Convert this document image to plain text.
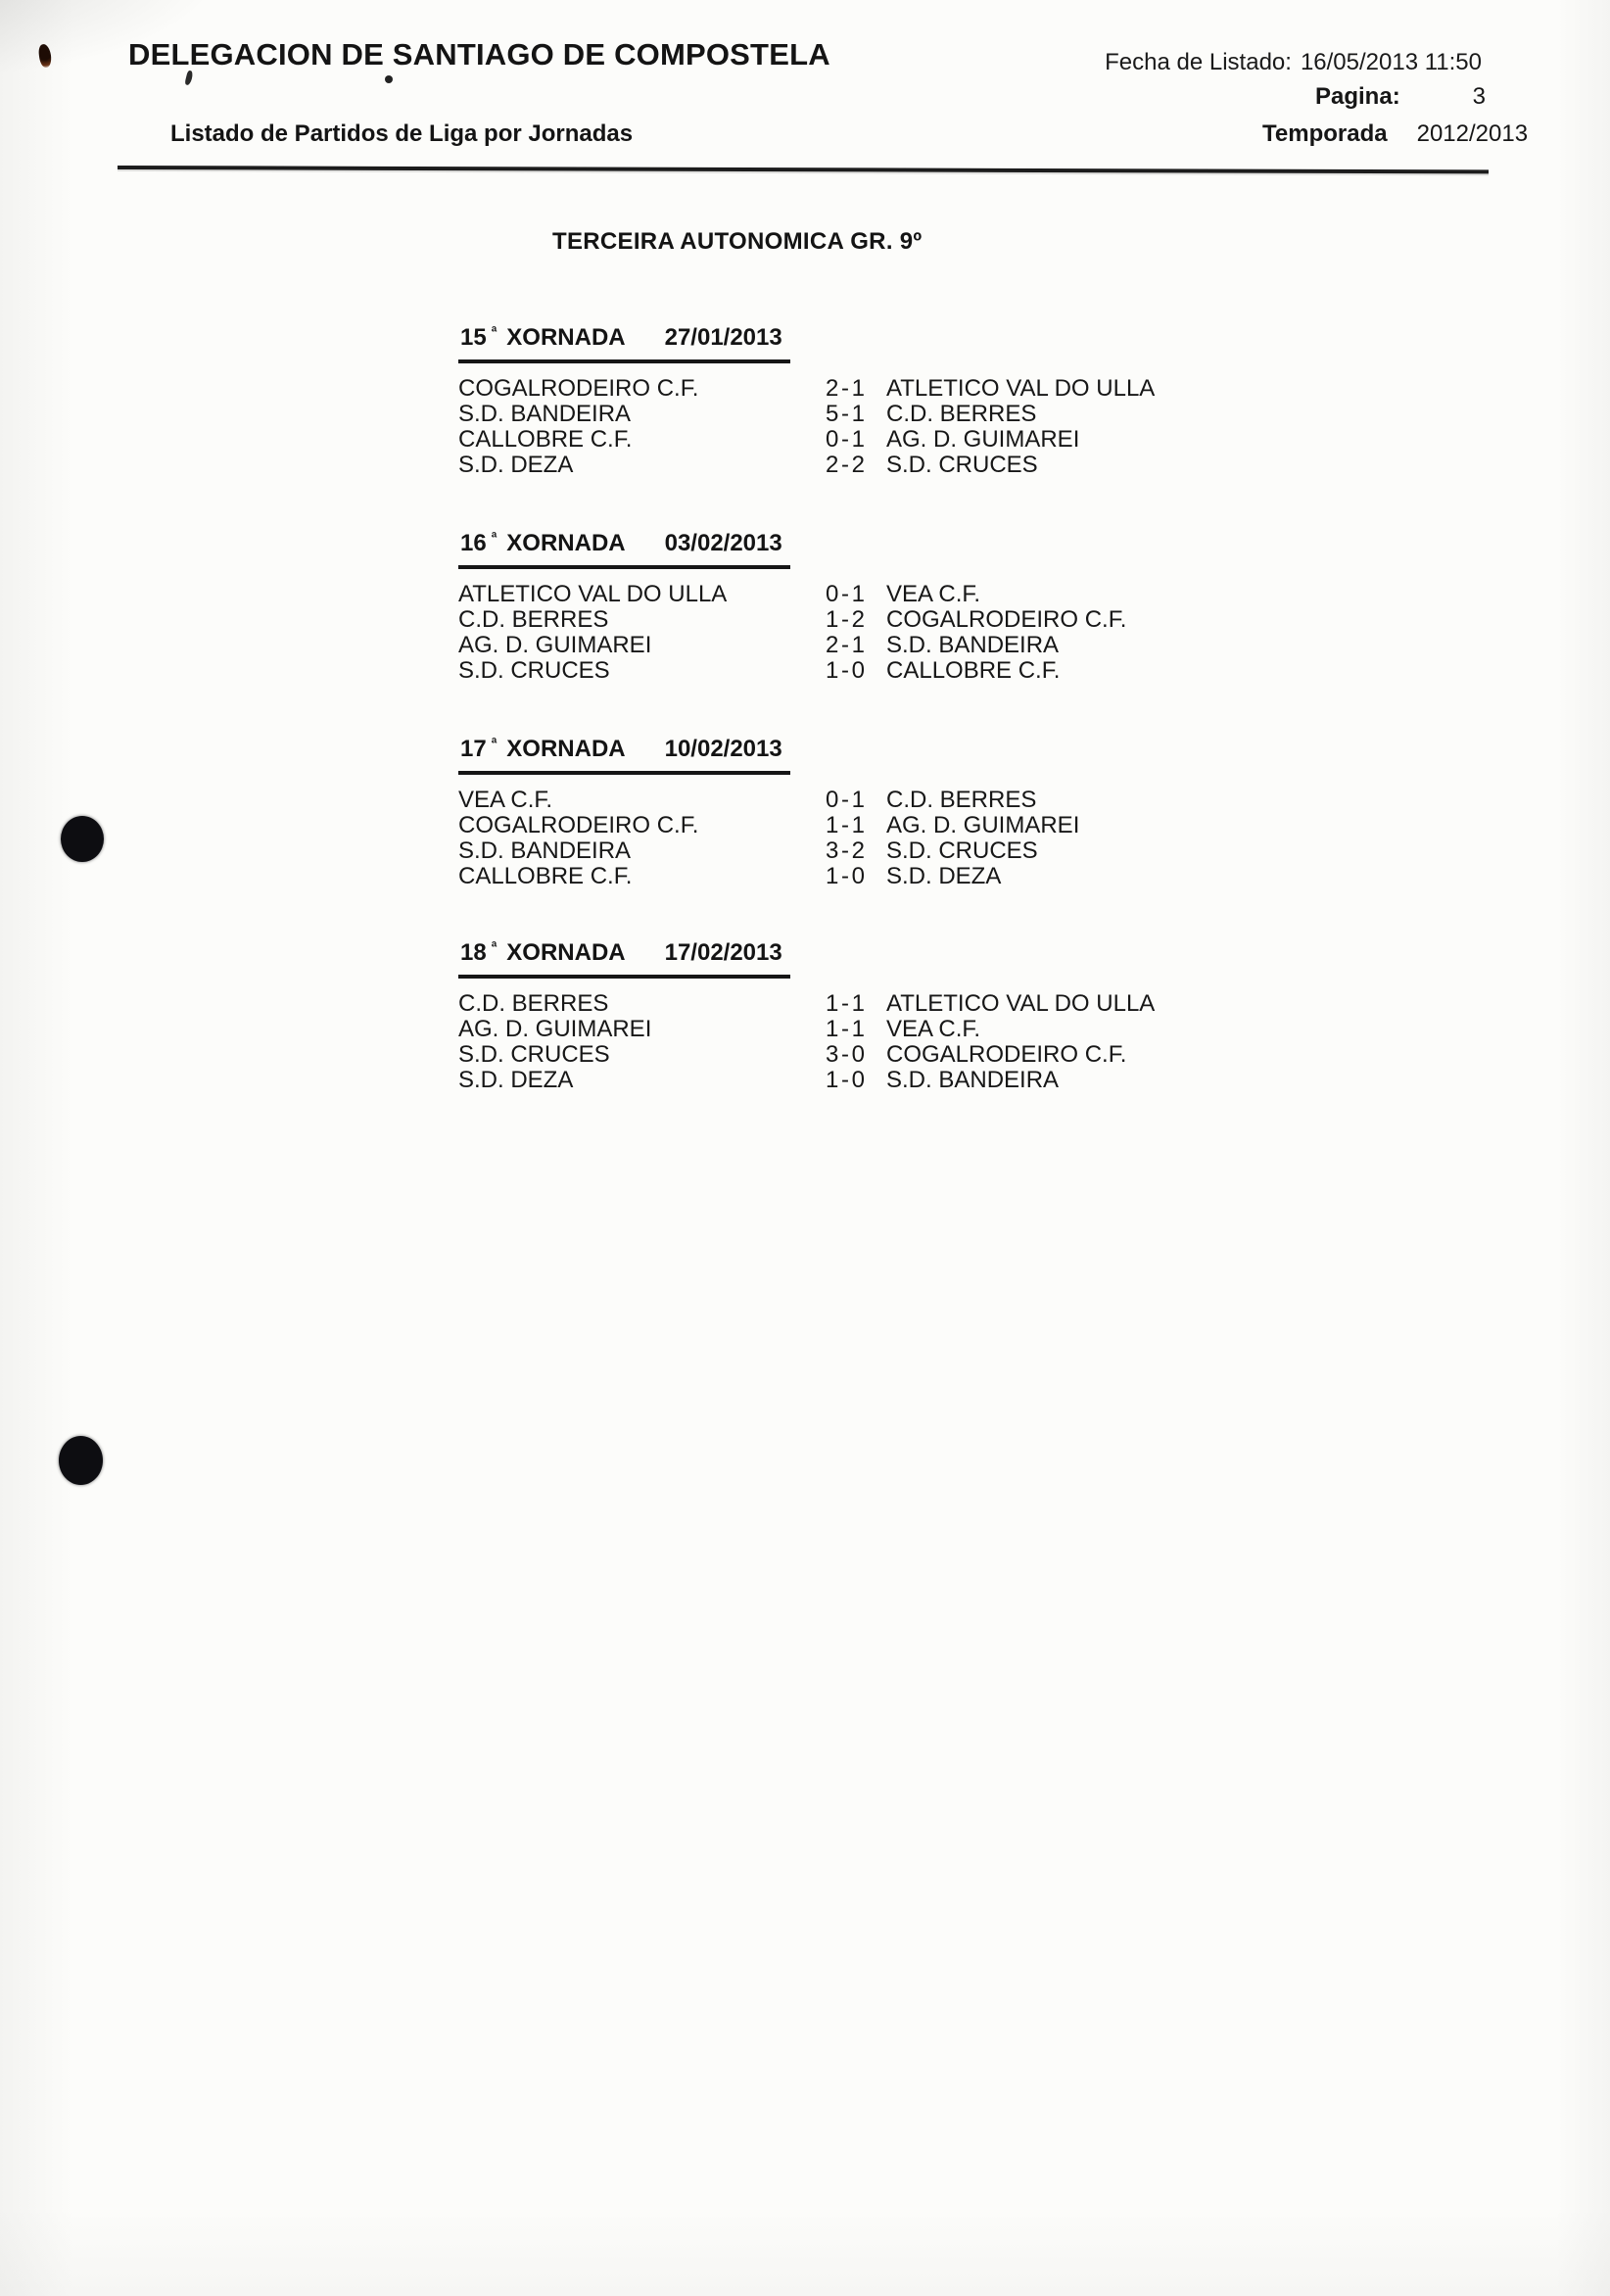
DELEGACION DE SANTIAGO DE COMPOSTELA	Fecha de Listado: 16/05/2013 11:50
Pagina:	3
Listado de Partidos de Liga por Jornadas	Temporada 2012/2013
TERCEIRA AUTONOMICA GR. 9º
15 $^ª$ XORNADA 27/01/2013
COGALRODEIRO C.F.	2 - 1 ATLETICO VAL DO ULLA
S.D. BANDEIRA	5 - 1 C.D. BERRES
CALLOBRE C.F.	0 - 1 AG. D. GUIMAREI
S.D. DEZA	2 - 2 S.D. CRUCES
16 $^ª$ XORNADA 03/02/2013
ATLETICO VAL DO ULLA	0 - 1 VEA C.F.
C.D. BERRES	1 - 2 COGALRODEIRO C.F.
AG. D. GUIMAREI	2 - 1 S.D. BANDEIRA
S.D. CRUCES	1 - 0 CALLOBRE C.F.
17 $^ª$ XORNADA 10/02/2013
VEA C.F.	0 - 1 C.D. BERRES
COGALRODEIRO C.F.	1 - 1 AG. D. GUIMAREI
S.D. BANDEIRA	3 - 2 S.D. CRUCES
CALLOBRE C.F.	1 - 0 S.D. DEZA
18 $^ª$ XORNADA 17/02/2013
C.D. BERRES	1 - 1 ATLETICO VAL DO ULLA
AG. D. GUIMAREI	1 - 1 VEA C.F.
S.D. CRUCES	3 - 0 COGALRODEIRO C.F.
S.D. DEZA	1 - 0 S.D. BANDEIRA
